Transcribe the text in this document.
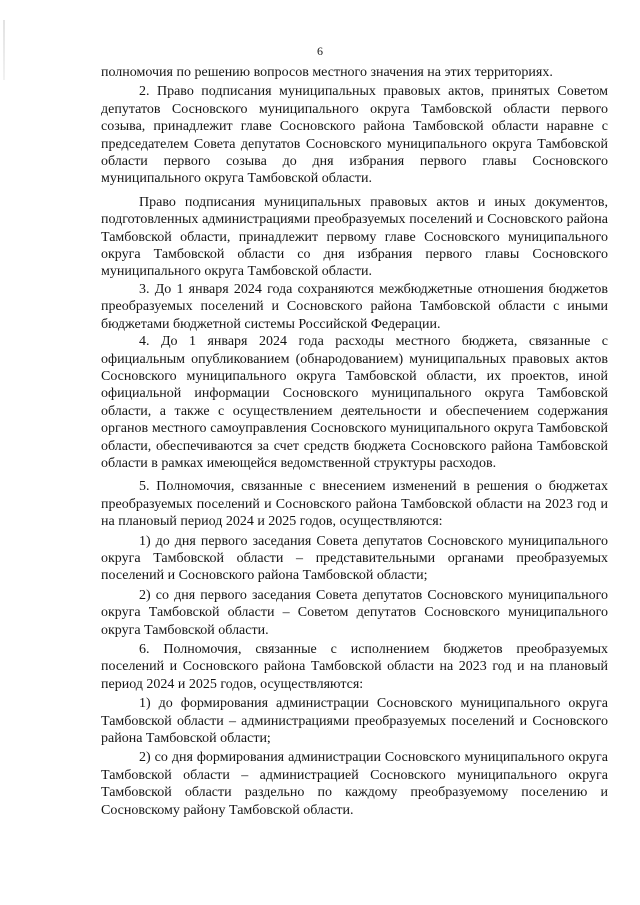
6

полномочия по решению вопросов местного значения на этих территориях.

2. Право подписания муниципальных правовых актов, принятых Советом депутатов Сосновского муниципального округа Тамбовской области первого созыва, принадлежит главе Сосновского района Тамбовской области наравне с председателем Совета депутатов Сосновского муниципального округа Тамбовской области первого созыва до дня избрания первого главы Сосновского муниципального округа Тамбовской области.

Право подписания муниципальных правовых актов и иных документов, подготовленных администрациями преобразуемых поселений и Сосновского района Тамбовской области, принадлежит первому главе Сосновского муниципального округа Тамбовской области со дня избрания первого главы Сосновского муниципального округа Тамбовской области.

3. До 1 января 2024 года сохраняются межбюджетные отношения бюджетов преобразуемых поселений и Сосновского района Тамбовской области с иными бюджетами бюджетной системы Российской Федерации.

4. До 1 января 2024 года расходы местного бюджета, связанные с официальным опубликованием (обнародованием) муниципальных правовых актов Сосновского муниципального округа Тамбовской области, их проектов, иной официальной информации Сосновского муниципального округа Тамбовской области, а также с осуществлением деятельности и обеспечением содержания органов местного самоуправления Сосновского муниципального округа Тамбовской области, обеспечиваются за счет средств бюджета Сосновского района Тамбовской области в рамках имеющейся ведомственной структуры расходов.

5. Полномочия, связанные с внесением изменений в решения о бюджетах преобразуемых поселений и Сосновского района Тамбовской области на 2023 год и на плановый период 2024 и 2025 годов, осуществляются:

1) до дня первого заседания Совета депутатов Сосновского муниципального округа Тамбовской области – представительными органами преобразуемых поселений и Сосновского района Тамбовской области;

2) со дня первого заседания Совета депутатов Сосновского муниципального округа Тамбовской области – Советом депутатов Сосновского муниципального округа Тамбовской области.

6. Полномочия, связанные с исполнением бюджетов преобразуемых поселений и Сосновского района Тамбовской области на 2023 год и на плановый период 2024 и 2025 годов, осуществляются:

1) до формирования администрации Сосновского муниципального округа Тамбовской области – администрациями преобразуемых поселений и Сосновского района Тамбовской области;

2) со дня формирования администрации Сосновского муниципального округа Тамбовской области – администрацией Сосновского муниципального округа Тамбовской области раздельно по каждому преобразуемому поселению и Сосновскому району Тамбовской области.
